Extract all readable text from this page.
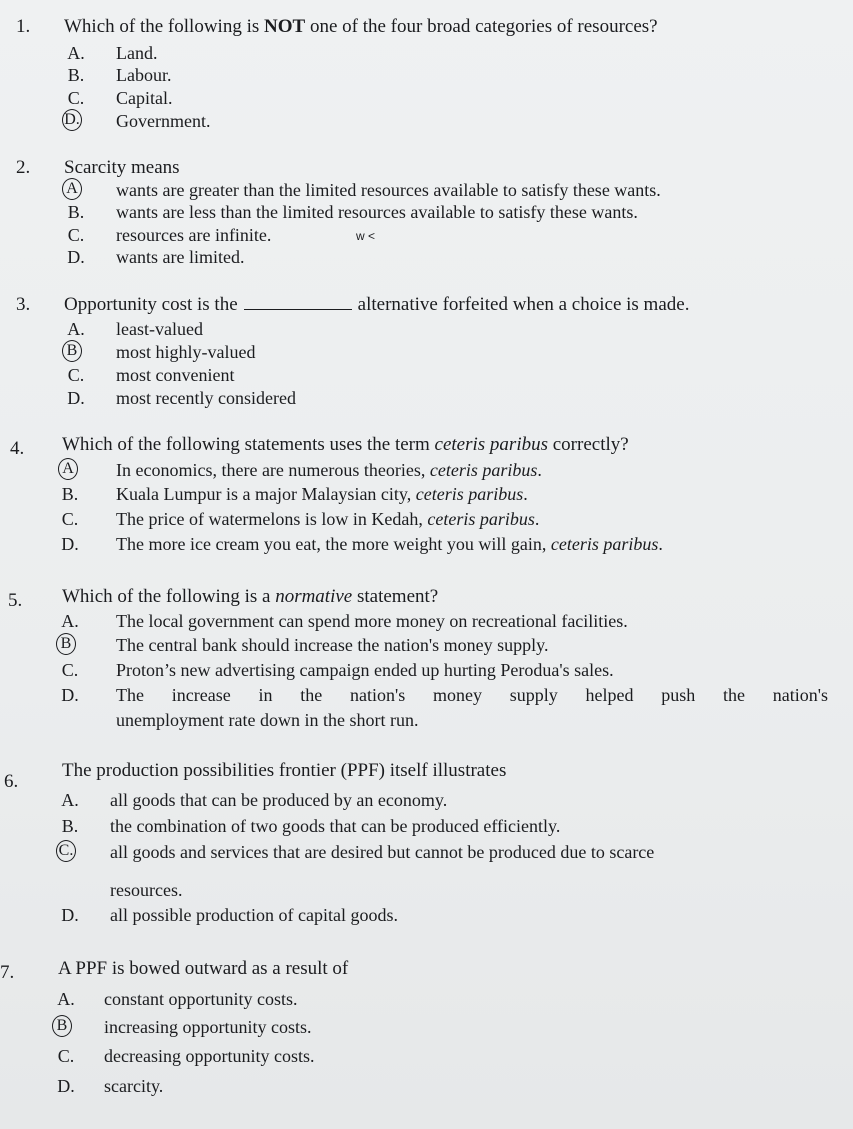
1. Which of the following is NOT one of the four broad categories of resources?
A. Land.
B. Labour.
C. Capital.
D. Government.
2. Scarcity means
A wants are greater than the limited resources available to satisfy these wants.
B. wants are less than the limited resources available to satisfy these wants.
C. resources are infinite.	w <
D. wants are limited.
3. Opportunity cost is the	alternative forfeited when a choice is made.
A. least-valued
B most highly-valued
C. most convenient
D. most recently considered
4. Which of the following statements uses the term ceteris paribus correctly?
A In economics, there are numerous theories, ceteris paribus.
B. Kuala Lumpur is a major Malaysian city, ceteris paribus.
C. The price of watermelons is low in Kedah, ceteris paribus.
D. The more ice cream you eat, the more weight you will gain, ceteris paribus.
5. Which of the following is a normative statement?
A. The local government can spend more money on recreational facilities.
B The central bank should increase the nation's money supply.
C. Proton’s new advertising campaign ended up hurting Perodua's sales.
D. The increase in the nation's money supply helped push the nation's
unemployment rate down in the short run.
6.
The production possibilities frontier (PPF) itself illustrates
A. all goods that can be produced by an economy.
B. the combination of two goods that can be produced efficiently.
C. all goods and services that are desired but cannot be produced due to scarce
resources.
D. all possible production of capital goods.
7. A PPF is bowed outward as a result of
A. constant opportunity costs.
B increasing opportunity costs.
C. decreasing opportunity costs.
D. scarcity.
